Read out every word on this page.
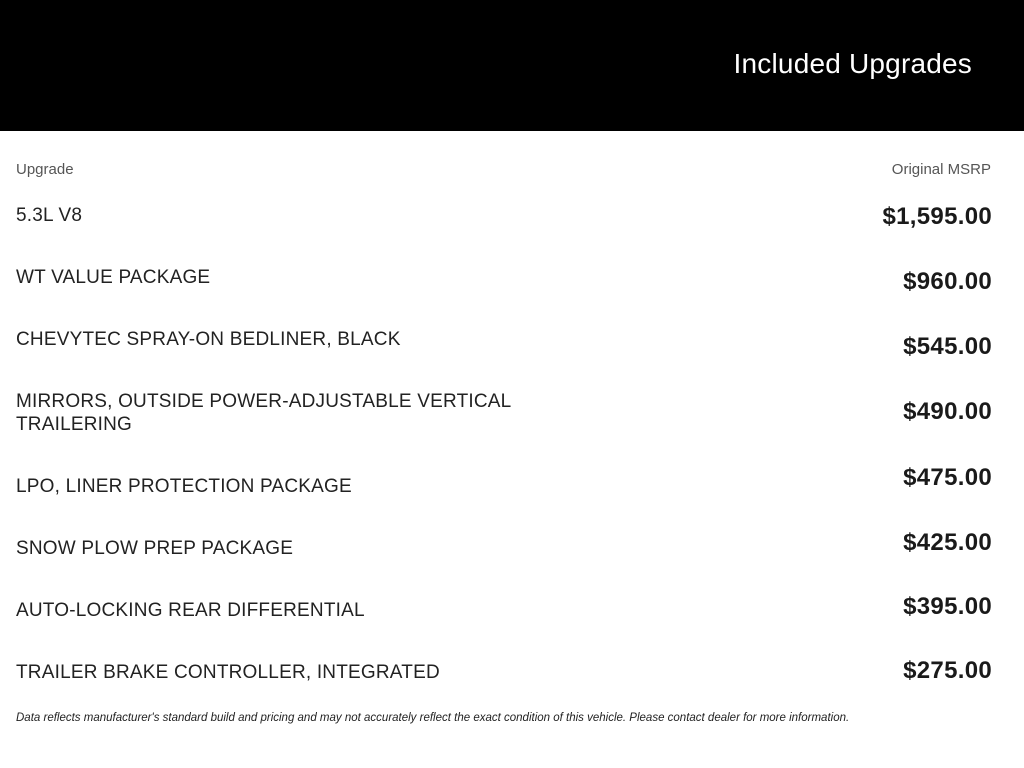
Included Upgrades
Upgrade	Original MSRP
5.3L V8	$1,595.00
WT VALUE PACKAGE	$960.00
CHEVYTEC SPRAY-ON BEDLINER, BLACK	$545.00
MIRRORS, OUTSIDE POWER-ADJUSTABLE VERTICAL TRAILERING	$490.00
LPO, LINER PROTECTION PACKAGE	$475.00
SNOW PLOW PREP PACKAGE	$425.00
AUTO-LOCKING REAR DIFFERENTIAL	$395.00
TRAILER BRAKE CONTROLLER, INTEGRATED	$275.00
Data reflects manufacturer's standard build and pricing and may not accurately reflect the exact condition of this vehicle. Please contact dealer for more information.
